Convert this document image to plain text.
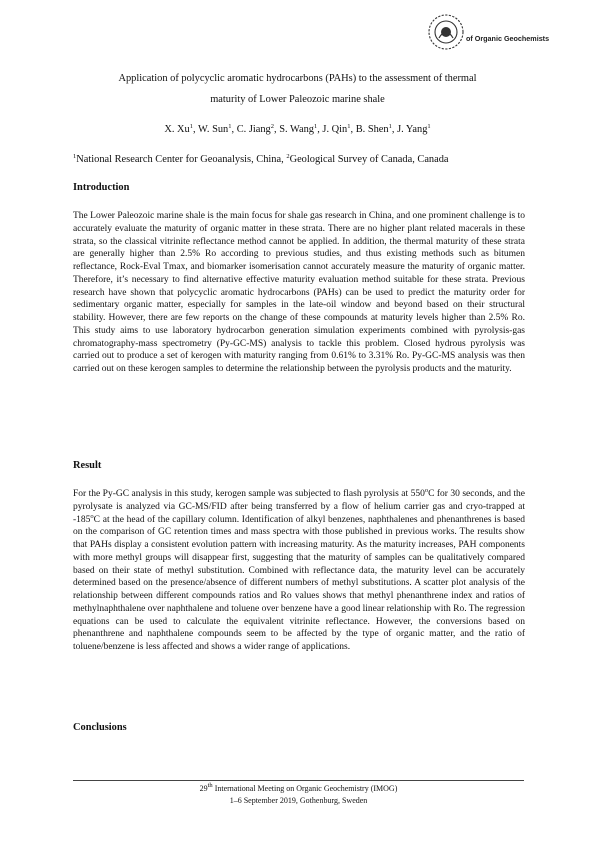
of Organic Geochemists
Application of polycyclic aromatic hydrocarbons (PAHs) to the assessment of thermal
maturity of Lower Paleozoic marine shale
X. Xu$^1$, W. Sun$^1$, C. Jiang$^2$, S. Wang$^1$, J. Qin$^1$, B. Shen$^1$, J. Yang$^1$
$^1$National Research Center for Geoanalysis, China, $^2$Geological Survey of Canada, Canada
Introduction

The Lower Paleozoic marine shale is the main focus for shale gas research in China, and one prominent challenge is to accurately evaluate the maturity of organic matter in these strata. There are no higher plant related macerals in these strata, so the classical vitrinite reflectance method cannot be applied. In addition, the thermal maturity of these strata are generally higher than 2.5% Ro according to previous studies, and thus existing methods such as bitumen reflectance, Rock-Eval Tmax, and biomarker isomerisation cannot accurately measure the maturity of organic matter. Therefore, it’s necessary to find alternative effective maturity evaluation method suitable for these strata. Previous research have shown that polycyclic aromatic hydrocarbons (PAHs) can be used to predict the maturity order for sedimentary organic matter, especially for samples in the late-oil window and beyond based on their structural stability. However, there are few reports on the change of these compounds at maturity levels higher than 2.5% Ro. This study aims to use laboratory hydrocarbon generation simulation experiments combined with pyrolysis-gas chromatography-mass spectrometry (Py-GC-MS) analysis to tackle this problem. Closed hydrous pyrolysis was carried out to produce a set of kerogen with maturity ranging from 0.61% to 3.31% Ro. Py-GC-MS analysis was then carried out on these kerogen samples to determine the relationship between the pyrolysis products and the maturity.

Result

For the Py-GC analysis in this study, kerogen sample was subjected to flash pyrolysis at 550$^o$C for 30 seconds, and the pyrolysate is analyzed via GC-MS/FID after being transferred by a flow of helium carrier gas and cryo-trapped at -185$^o$C at the head of the capillary column. Identification of alkyl benzenes, naphthalenes and phenanthrenes is based on the comparison of GC retention times and mass spectra with those published in previous works. The results show that PAHs display a consistent evolution pattern with increasing maturity. As the maturity increases, PAH components with more methyl groups will disappear first, suggesting that the maturity of samples can be qualitatively compared based on their state of methyl substitution. Combined with reflectance data, the maturity level can be accurately determined based on the presence/absence of different numbers of methyl substitutions. A scatter plot analysis of the relationship between different compounds ratios and Ro values shows that methyl phenanthrene index and ratios of methylnaphthalene over naphthalene and toluene over benzene have a good linear relationship with Ro. The regression equations can be used to calculate the equivalent vitrinite reflectance. However, the conversions based on phenanthrene and naphthalene compounds seem to be affected by the type of organic matter, and the ratio of toluene/benzene is less affected and shows a wider range of applications.

Conclusions
29th International Meeting on Organic Geochemistry (IMOG)
1–6 September 2019, Gothenburg, Sweden
